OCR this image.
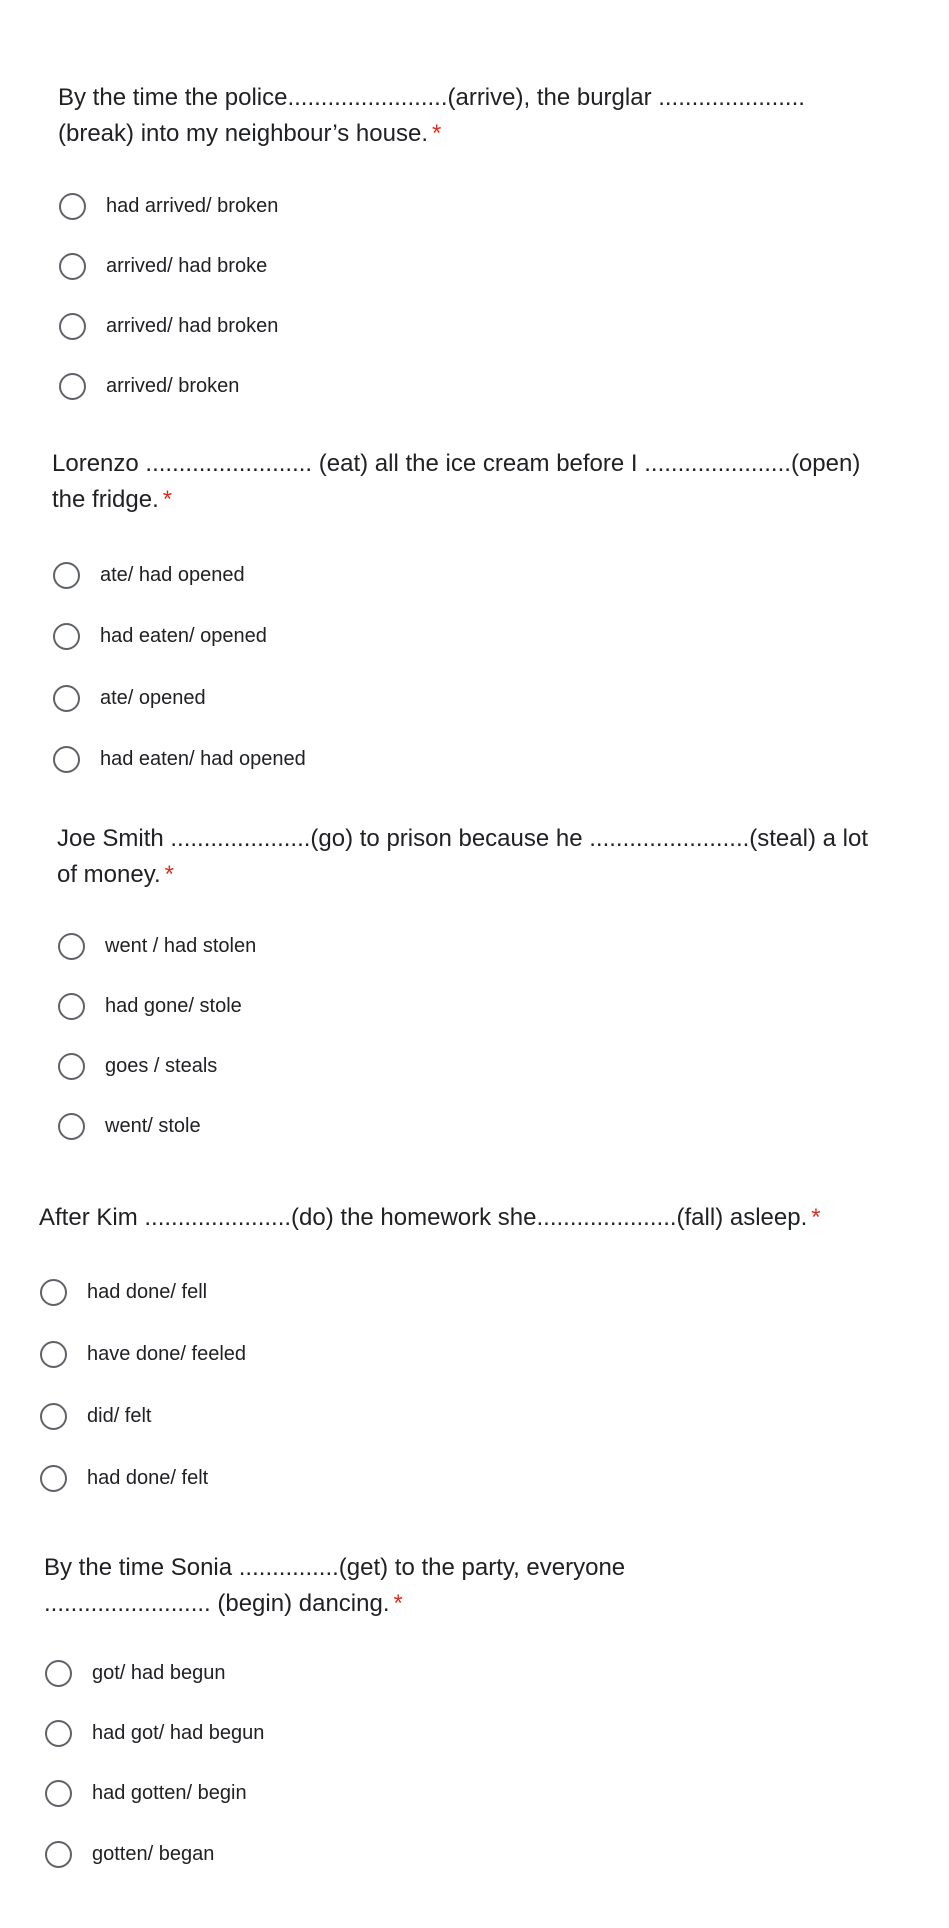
By the time the police........................(arrive), the burglar ......................(break) into my neighbour’s house. *
had arrived/ broken
arrived/ had broke
arrived/ had broken
arrived/ broken
Lorenzo ......................... (eat) all the ice cream before I ......................(open) the fridge. *
ate/ had opened
had eaten/ opened
ate/ opened
had eaten/ had opened
Joe Smith .....................(go) to prison because he ........................(steal) a lot of money. *
went / had stolen
had gone/ stole
goes / steals
went/ stole
After Kim ......................(do) the homework she.....................(fall) asleep. *
had done/ fell
have done/ feeled
did/ felt
had done/ felt
By the time Sonia ...............(get) to the party, everyone ......................... (begin) dancing. *
got/ had begun
had got/ had begun
had gotten/ begin
gotten/ began
